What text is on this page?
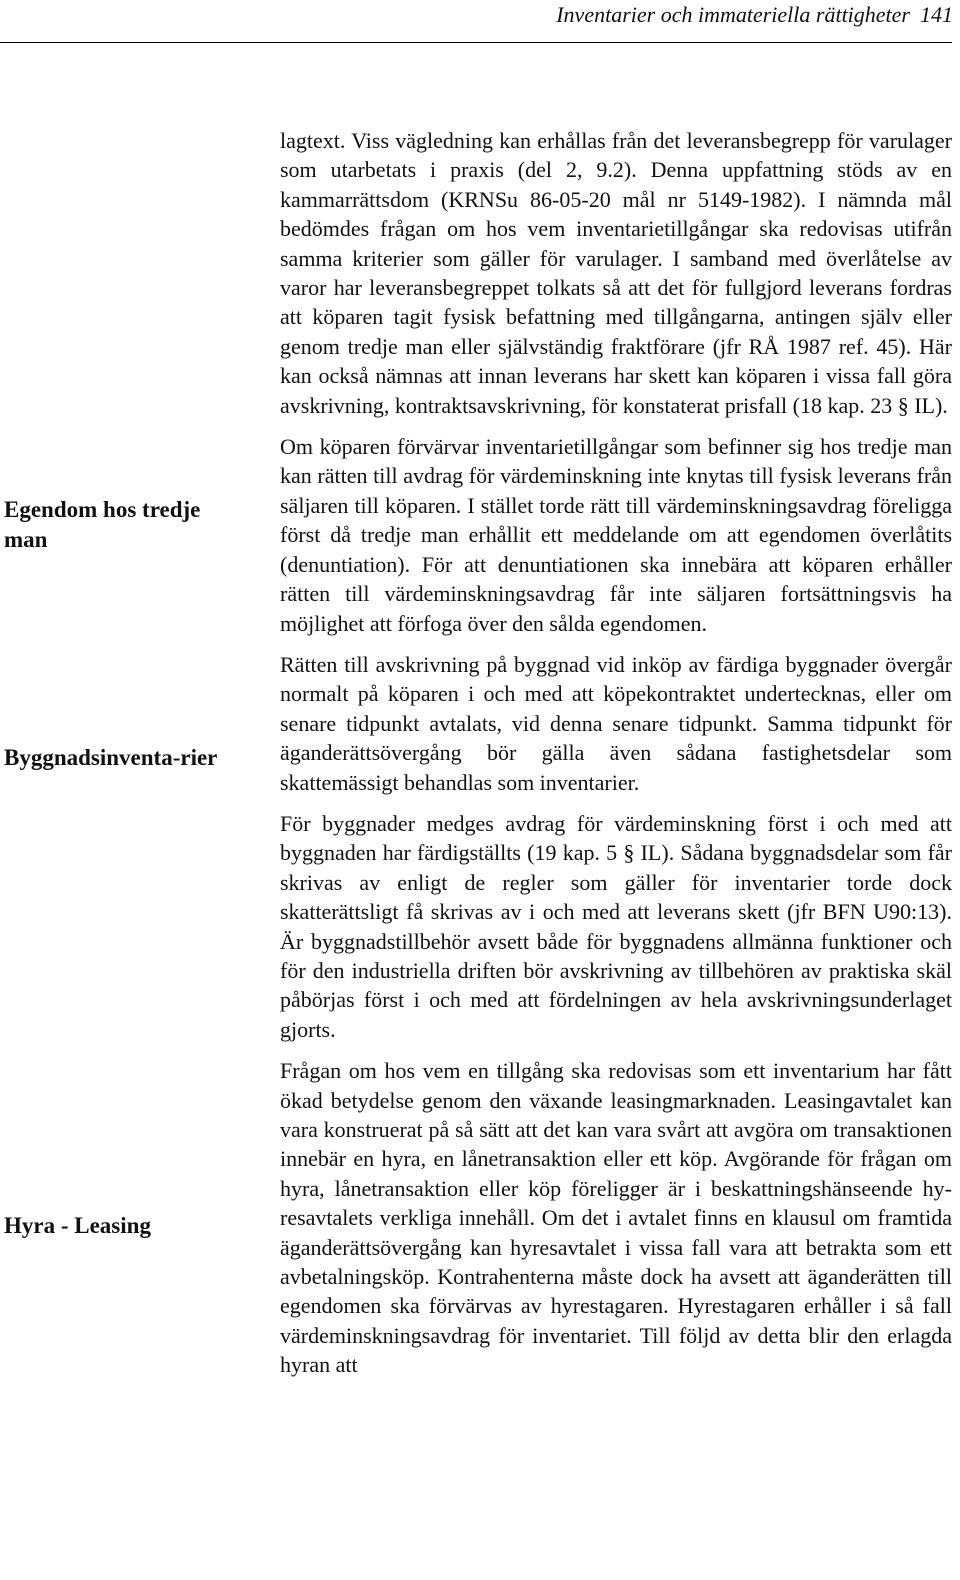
Inventarier och immateriella rättigheter 141
Egendom hos tredje man
Byggnadsinventa-rier
Hyra - Leasing

lagtext. Viss vägledning kan erhållas från det leveransbegrepp för varulager som utarbetats i praxis (del 2, 9.2). Denna uppfattning stöds av en kammarrättsdom (KRNSu 86-05-20 mål nr 5149-1982). I nämnda mål bedömdes frågan om hos vem inventarietillgångar ska redovisas utifrån samma kriterier som gäller för varulager. I samband med överlåtelse av varor har leveransbegreppet tolkats så att det för fullgjord leverans fordras att köparen tagit fysisk befattning med tillgångarna, antingen själv eller genom tredje man eller självständig fraktförare (jfr RÅ 1987 ref. 45). Här kan också nämnas att innan leverans har skett kan köparen i vissa fall göra avskrivning, kontraktsavskrivning, för konstaterat prisfall (18 kap. 23 § IL).

Om köparen förvärvar inventarietillgångar som befinner sig hos tredje man kan rätten till avdrag för värdeminskning inte knytas till fysisk leverans från säljaren till köparen. I stället torde rätt till värdeminskningsavdrag föreligga först då tredje man erhållit ett meddelande om att egendomen överlåtits (denuntiation). För att denuntiationen ska innebära att köparen erhåller rätten till värdeminskningsavdrag får inte säljaren fortsättningsvis ha möjlighet att förfoga över den sålda egendomen.

Rätten till avskrivning på byggnad vid inköp av färdiga byggnader övergår normalt på köparen i och med att köpekontraktet undertecknas, eller om senare tidpunkt avtalats, vid denna senare tidpunkt. Samma tidpunkt för äganderättsövergång bör gälla även sådana fastighetsdelar som skattemässigt behandlas som inventarier.

För byggnader medges avdrag för värdeminskning först i och med att byggnaden har färdigställts (19 kap. 5 § IL). Sådana byggnadsdelar som får skrivas av enligt de regler som gäller för inventarier torde dock skatterättsligt få skrivas av i och med att leverans skett (jfr BFN U90:13). Är byggnadstillbehör avsett både för byggnadens allmänna funktioner och för den industriella driften bör avskrivning av tillbehören av praktiska skäl påbörjas först i och med att fördelningen av hela avskrivningsunderlaget gjorts.

Frågan om hos vem en tillgång ska redovisas som ett inventarium har fått ökad betydelse genom den växande leasingmarknaden. Leasingavtalet kan vara konstruerat på så sätt att det kan vara svårt att avgöra om transaktionen innebär en hyra, en lånetransaktion eller ett köp. Avgörande för frågan om hyra, lånetransaktion eller köp föreligger är i beskattningshänseende hyresavtalets verkliga innehåll. Om det i avtalet finns en klausul om framtida äganderättsövergång kan hyresavtalet i vissa fall vara att betrakta som ett avbetalningsköp. Kontrahenterna måste dock ha avsett att äganderätten till egendomen ska förvärvas av hyrestagaren. Hyrestagaren erhåller i så fall värdeminskningsavdrag för inventariet. Till följd av detta blir den erlagda hyran att
